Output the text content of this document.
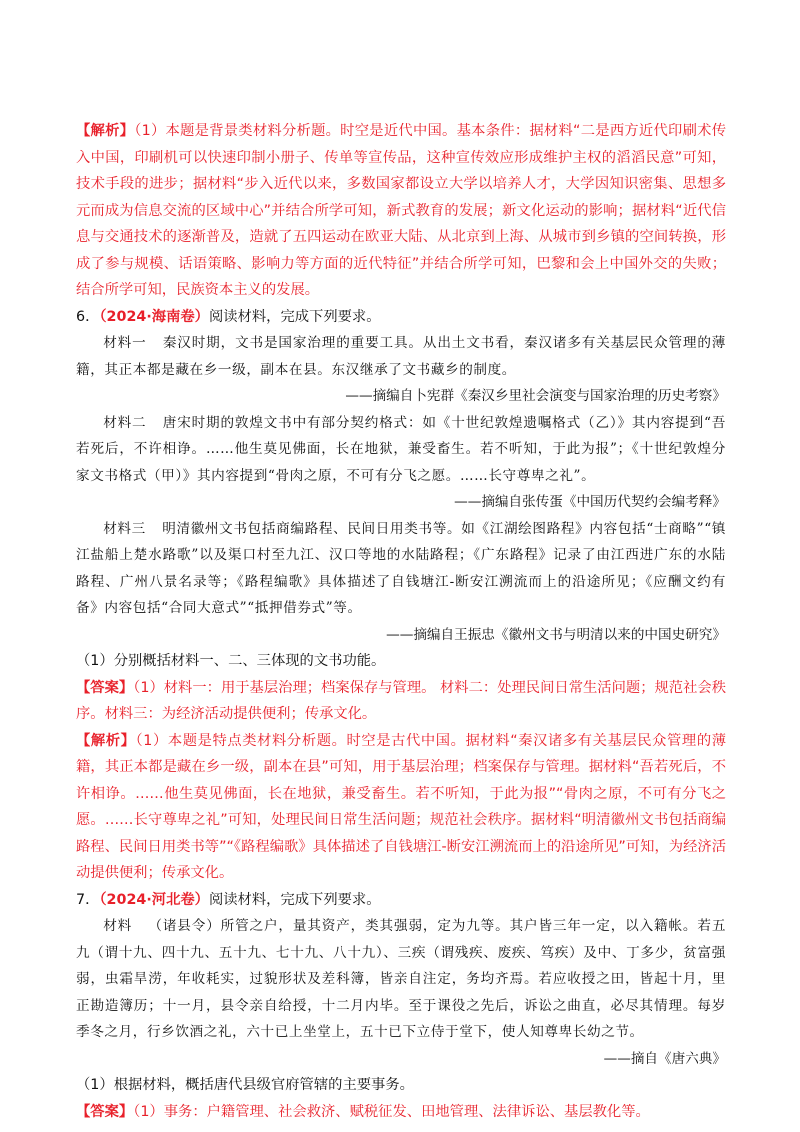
【解析】（1）本题是背景类材料分析题。时空是近代中国。基本条件：据材料“二是西方近代印刷术传入中国，印刷机可以快速印制小册子、传单等宣传品，这种宣传效应形成维护主权的滔滔民意”可知，技术手段的进步；据材料“步入近代以来，多数国家都设立大学以培养人才，大学因知识密集、思想多元而成为信息交流的区域中心”并结合所学可知，新式教育的发展；新文化运动的影响；据材料“近代信息与交通技术的逐渐普及，造就了五四运动在欧亚大陆、从北京到上海、从城市到乡镇的空间转换，形成了参与规模、话语策略、影响力等方面的近代特征”并结合所学可知，巴黎和会上中国外交的失败；结合所学可知，民族资本主义的发展。

6．（2024·海南卷）阅读材料，完成下列要求。

材料一 秦汉时期，文书是国家治理的重要工具。从出土文书看，秦汉诸多有关基层民众管理的薄籍，其正本都是藏在乡一级，副本在县。东汉继承了文书藏乡的制度。

——摘编自卜宪群《秦汉乡里社会演变与国家治理的历史考察》

材料二 唐宋时期的敦煌文书中有部分契约格式：如《十世纪敦煌遗嘱格式（乙）》其内容提到“吾若死后，不许相诤。……他生莫见佛面，长在地狱，兼受畜生。若不听知，于此为报”；《十世纪敦煌分家文书格式（甲）》其内容提到“骨肉之原，不可有分飞之愿。……长守尊卑之礼”。

——摘编自张传蛋《中国历代契约会编考释》

材料三 明清徽州文书包括商编路程、民间日用类书等。如《江湖绘图路程》内容包括“士商略”“镇江盐船上楚水路歌”以及渠口村至九江、汉口等地的水陆路程；《广东路程》记录了由江西进广东的水陆路程、广州八景名录等；《路程编歌》具体描述了自钱塘江-断安江溯流而上的沿途所见；《应酬文约有备》内容包括“合同大意式”“抵押借券式”等。

——摘编自王振忠《徽州文书与明清以来的中国史研究》

（1）分别概括材料一、二、三体现的文书功能。

【答案】（1）材料一：用于基层治理；档案保存与管理。 材料二：处理民间日常生活问题；规范社会秩序。材料三：为经济活动提供便利；传承文化。

【解析】（1）本题是特点类材料分析题。时空是古代中国。据材料“秦汉诸多有关基层民众管理的薄籍，其正本都是藏在乡一级，副本在县”可知，用于基层治理；档案保存与管理。据材料“吾若死后，不许相诤。……他生莫见佛面，长在地狱，兼受畜生。若不听知，于此为报”“骨肉之原，不可有分飞之愿。……长守尊卑之礼”可知，处理民间日常生活问题；规范社会秩序。据材料“明清徽州文书包括商编路程、民间日用类书等”“《路程编歌》具体描述了自钱塘江-断安江溯流而上的沿途所见”可知，为经济活动提供便利；传承文化。

7．（2024·河北卷）阅读材料，完成下列要求。

材料 （诸县令）所管之户，量其资产，类其强弱，定为九等。其户皆三年一定，以入籍帐。若五九（谓十九、四十九、五十九、七十九、八十九）、三疾（谓残疾、废疾、笃疾）及中、丁多少，贫富强弱，虫霜旱涝，年收耗实，过貌形状及差科簿，皆亲自注定，务均齐焉。若应收授之田，皆起十月，里正勘造簿历；十一月，县令亲自给授，十二月内毕。至于课役之先后，诉讼之曲直，必尽其情理。每岁季冬之月，行乡饮酒之礼，六十已上坐堂上，五十已下立侍于堂下，使人知尊卑长幼之节。

——摘自《唐六典》

（1）根据材料，概括唐代县级官府管辖的主要事务。

【答案】（1）事务：户籍管理、社会救济、赋税征发、田地管理、法律诉讼、基层教化等。
